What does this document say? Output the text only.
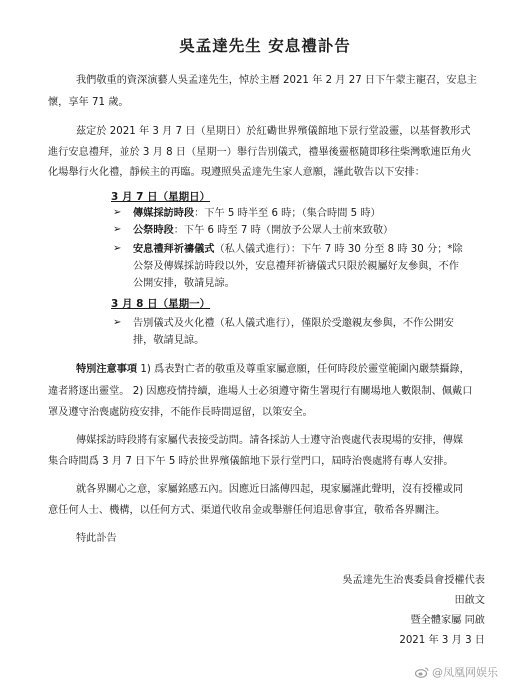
吳孟達先生 安息禮訃告
我們敬重的資深演藝人吳孟達先生，悼於主曆 2021 年 2 月 27 日下午蒙主寵召，安息主
懷，享年 71 歲。
茲定於 2021 年 3 月 7 日（星期日）於紅磡世界殯儀館地下景行堂設靈，以基督教形式
進行安息禮拜，並於 3 月 8 日（星期一）舉行告別儀式，禮畢後靈柩隨即移往柴灣歌連臣角火
化場舉行火化禮，靜候主的再臨。現遵照吳孟達先生家人意願，謹此敬告以下安排：
3 月 7 日（星期日）
➢ 傳媒採訪時段：下午 5 時半至 6 時；（集合時間 5 時）
➢ 公祭時段：下午 6 時至 7 時（開放予公眾人士前來致敬）
➢ 安息禮拜祈禱儀式（私人儀式進行）：下午 7 時 30 分至 8 時 30 分；*除
公祭及傳媒採訪時段以外，安息禮拜祈禱儀式只限於親屬好友參與，不作
公開安排，敬請見諒。
3 月 8 日（星期一）
➢ 告別儀式及火化禮（私人儀式進行），僅限於受邀親友參與，不作公開安
排，敬請見諒。
特別注意事項 1) 爲表對亡者的敬重及尊重家屬意願，任何時段於靈堂範圍內嚴禁攝錄，
違者將逐出靈堂。 2) 因應疫情持續，進場人士必須遵守衛生署現行有關場地人數限制、佩戴口
罩及遵守治喪處防疫安排，不能作長時間逗留，以策安全。
傳媒採訪時段將有家屬代表接受訪問。請各採訪人士遵守治喪處代表現場的安排，傳媒
集合時間爲 3 月 7 日下午 5 時於世界殯儀館地下景行堂門口，屆時治喪處將有專人安排。
就各界關心之意，家屬銘感五內。因應近日謠傳四起，現家屬謹此聲明，沒有授權或同
意任何人士、機構，以任何方式、渠道代收帛金或舉辦任何追思會事宜，敬希各界關注。
特此訃告
吳孟達先生治喪委員會授權代表
田啟文
暨全體家屬 同啟
2021 年 3 月 3 日
@凤凰网娱乐
